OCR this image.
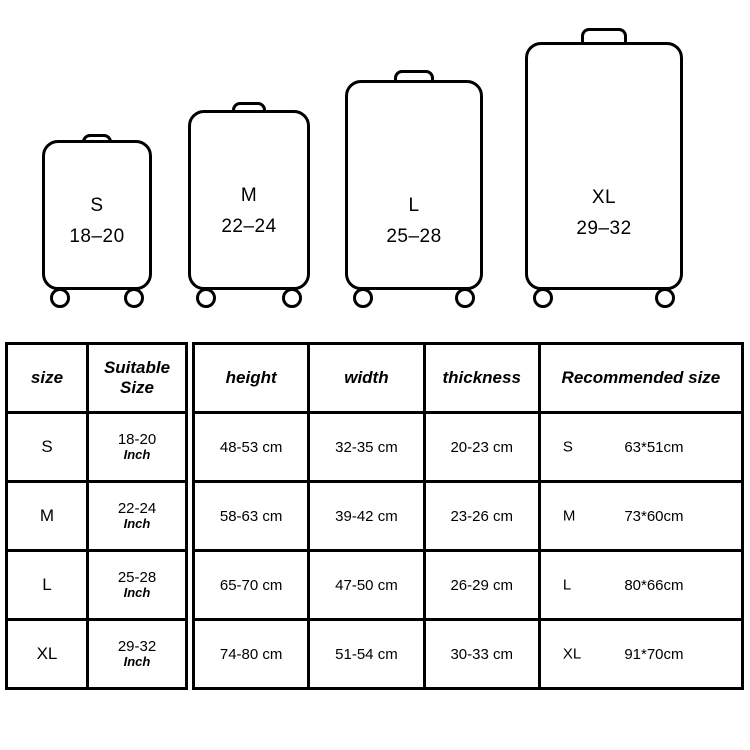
S
18–20
M
22–24
L
25–28
XL
29–32
size	Suitable
Size
S	18-20
Inch

M	22-24
Inch

L	25-28
Inch

XL	29-32
Inch
height	width	thickness	Recommended size
48-53 cm	32-35 cm	20-23 cm	S 63*51cm
58-63 cm	39-42 cm	23-26 cm	M 73*60cm
65-70 cm	47-50 cm	26-29 cm	L 80*66cm
74-80 cm	51-54 cm	30-33 cm	XL 91*70cm
